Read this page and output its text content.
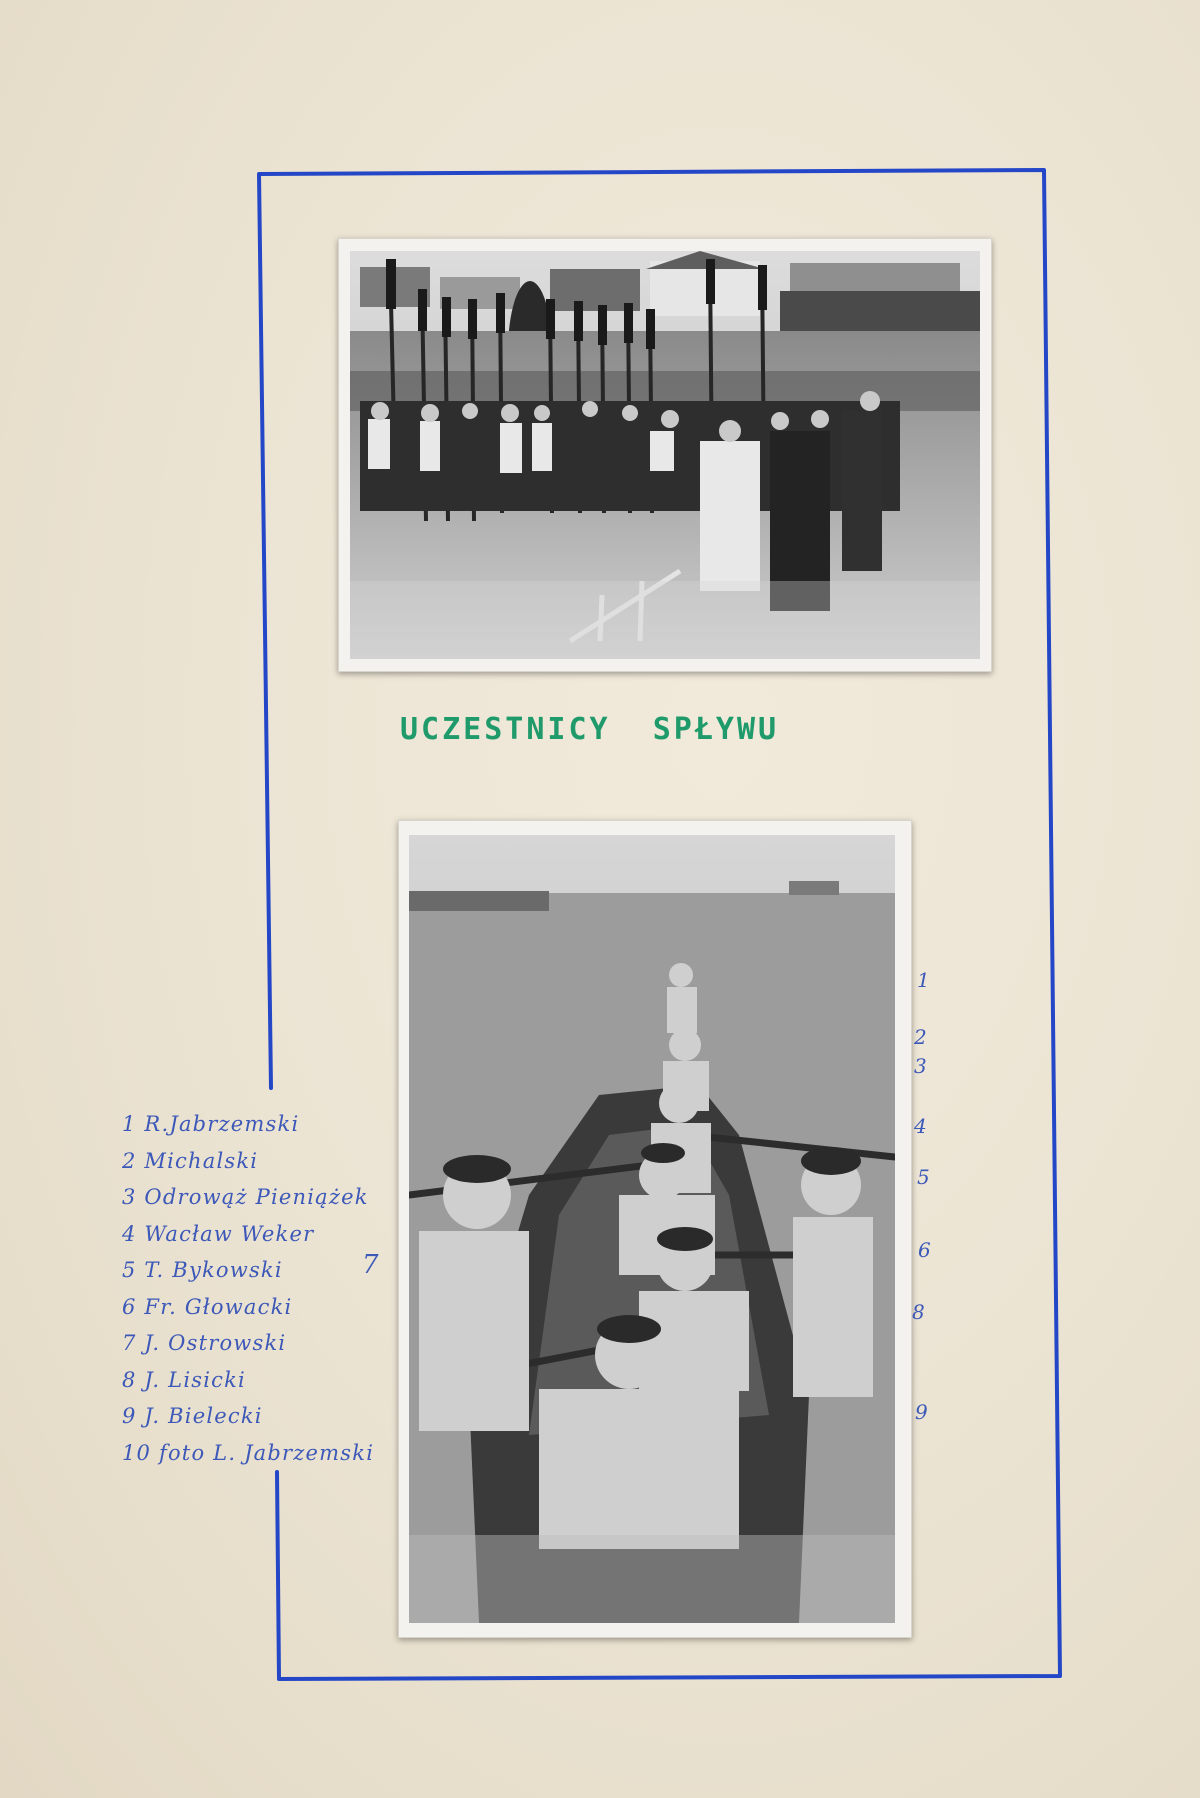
UCZESTNICY  SPŁYWU
1
2
3
4
5
6
8
9
1 R.Jabrzemski
2 Michalski
3 Odrowąż Pieniążek
4 Wacław Weker
5 T. Bykowski
6 Fr. Głowacki
7 J. Ostrowski
8 J. Lisicki
9 J. Bielecki
10 foto L. Jabrzemski
7
